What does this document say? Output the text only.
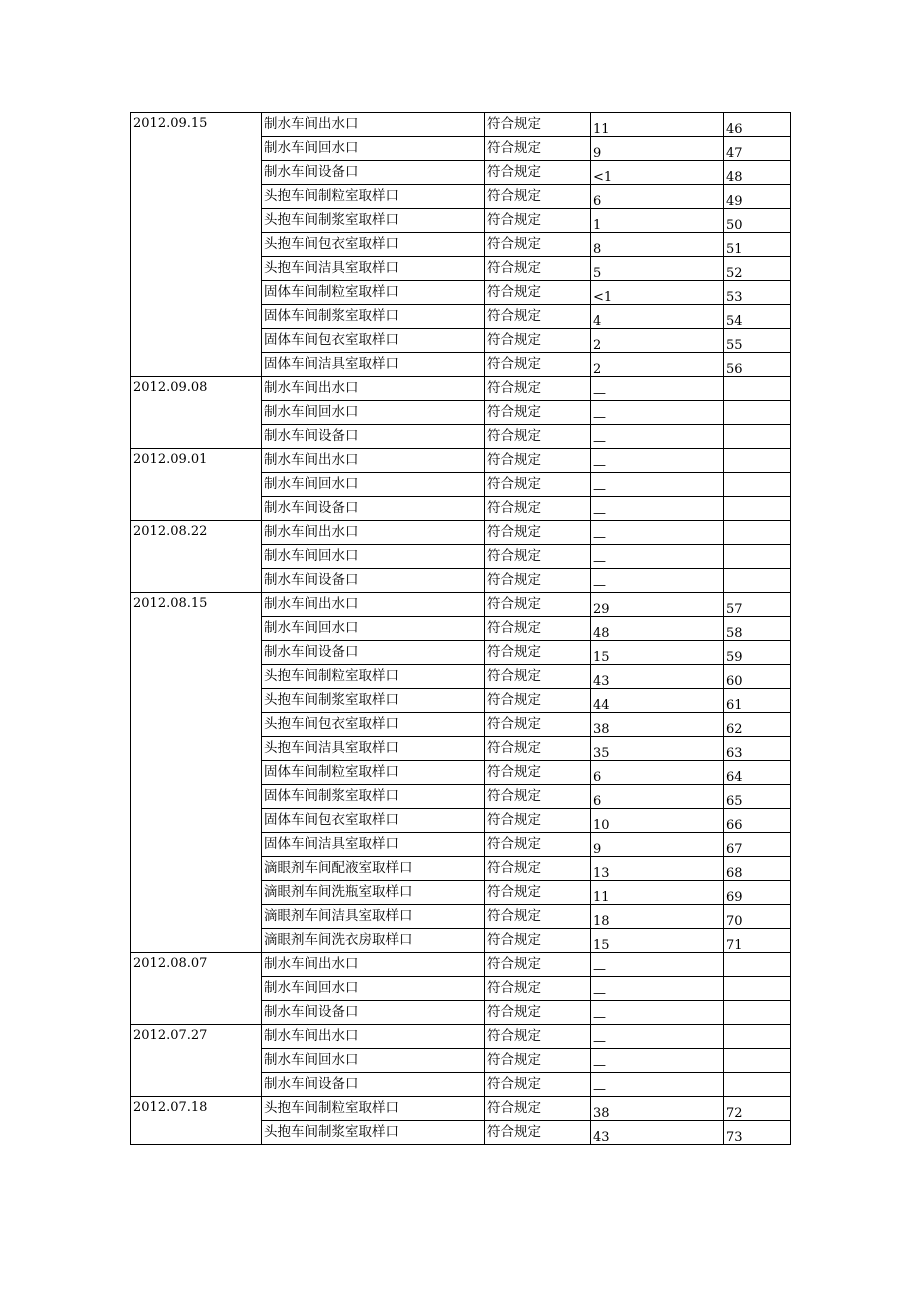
2012.09.15	制水车间出水口	符合规定	11	46
	制水车间回水口	符合规定	9	47
	制水车间设备口	符合规定	<1	48
	头抱车间制粒室取样口	符合规定	6	49
	头抱车间制浆室取样口	符合规定	1	50
	头抱车间包衣室取样口	符合规定	8	51
	头抱车间洁具室取样口	符合规定	5	52
	固体车间制粒室取样口	符合规定	<1	53
	固体车间制浆室取样口	符合规定	4	54
	固体车间包衣室取样口	符合规定	2	55
	固体车间洁具室取样口	符合规定	2	56
2012.09.08	制水车间出水口	符合规定	—	
	制水车间回水口	符合规定	—	
	制水车间设备口	符合规定	—	
2012.09.01	制水车间出水口	符合规定	—	
	制水车间回水口	符合规定	—	
	制水车间设备口	符合规定	—	
2012.08.22	制水车间出水口	符合规定	—	
	制水车间回水口	符合规定	—	
	制水车间设备口	符合规定	—	
2012.08.15	制水车间出水口	符合规定	29	57
	制水车间回水口	符合规定	48	58
	制水车间设备口	符合规定	15	59
	头抱车间制粒室取样口	符合规定	43	60
	头抱车间制浆室取样口	符合规定	44	61
	头抱车间包衣室取样口	符合规定	38	62
	头抱车间洁具室取样口	符合规定	35	63
	固体车间制粒室取样口	符合规定	6	64
	固体车间制浆室取样口	符合规定	6	65
	固体车间包衣室取样口	符合规定	10	66
	固体车间洁具室取样口	符合规定	9	67
	滴眼剂车间配液室取样口	符合规定	13	68
	滴眼剂车间洗瓶室取样口	符合规定	11	69
	滴眼剂车间洁具室取样口	符合规定	18	70
	滴眼剂车间洗衣房取样口	符合规定	15	71
2012.08.07	制水车间出水口	符合规定	—	
	制水车间回水口	符合规定	—	
	制水车间设备口	符合规定	—	
2012.07.27	制水车间出水口	符合规定	—	
	制水车间回水口	符合规定	—	
	制水车间设备口	符合规定	—	
2012.07.18	头抱车间制粒室取样口	符合规定	38	72
	头抱车间制浆室取样口	符合规定	43	73
